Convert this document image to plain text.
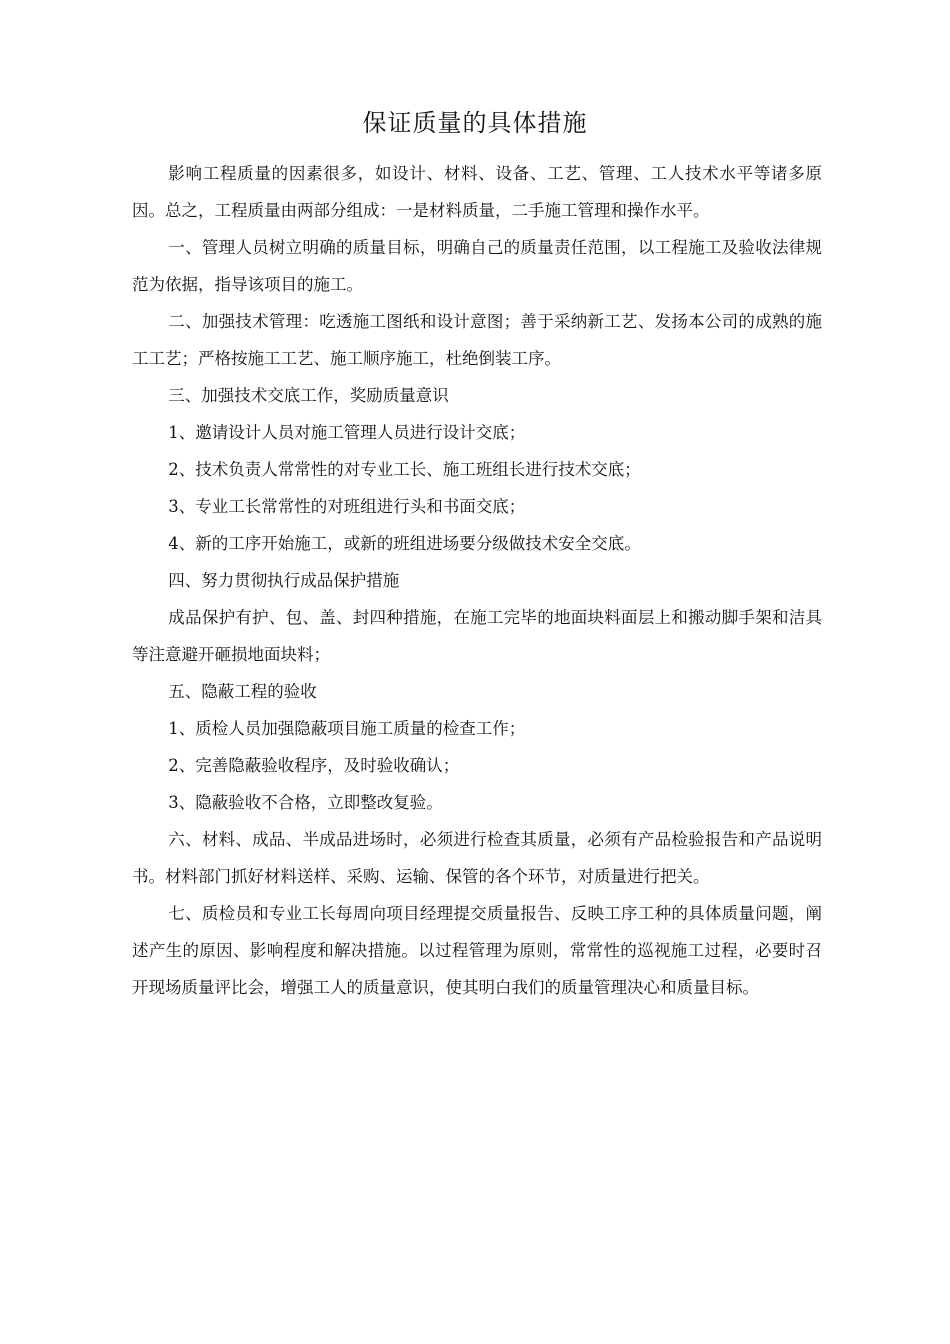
保证质量的具体措施

影响工程质量的因素很多，如设计、材料、设备、工艺、管理、工人技术水平等诸多原因。总之，工程质量由两部分组成：一是材料质量，二手施工管理和操作水平。

一、管理人员树立明确的质量目标，明确自己的质量责任范围，以工程施工及验收法律规范为依据，指导该项目的施工。

二、加强技术管理：吃透施工图纸和设计意图；善于采纳新工艺、发扬本公司的成熟的施工工艺；严格按施工工艺、施工顺序施工，杜绝倒装工序。

三、加强技术交底工作，奖励质量意识

1、邀请设计人员对施工管理人员进行设计交底；

2、技术负责人常常性的对专业工长、施工班组长进行技术交底；

3、专业工长常常性的对班组进行头和书面交底；

4、新的工序开始施工，或新的班组进场要分级做技术安全交底。

四、努力贯彻执行成品保护措施

成品保护有护、包、盖、封四种措施，在施工完毕的地面块料面层上和搬动脚手架和洁具等注意避开砸损地面块料；

五、隐蔽工程的验收

1、质检人员加强隐蔽项目施工质量的检查工作；

2、完善隐蔽验收程序，及时验收确认；

3、隐蔽验收不合格，立即整改复验。

六、材料、成品、半成品进场时，必须进行检查其质量，必须有产品检验报告和产品说明书。材料部门抓好材料送样、采购、运输、保管的各个环节，对质量进行把关。

七、质检员和专业工长每周向项目经理提交质量报告、反映工序工种的具体质量问题，阐述产生的原因、影响程度和解决措施。以过程管理为原则，常常性的巡视施工过程，必要时召开现场质量评比会，增强工人的质量意识，使其明白我们的质量管理决心和质量目标。
